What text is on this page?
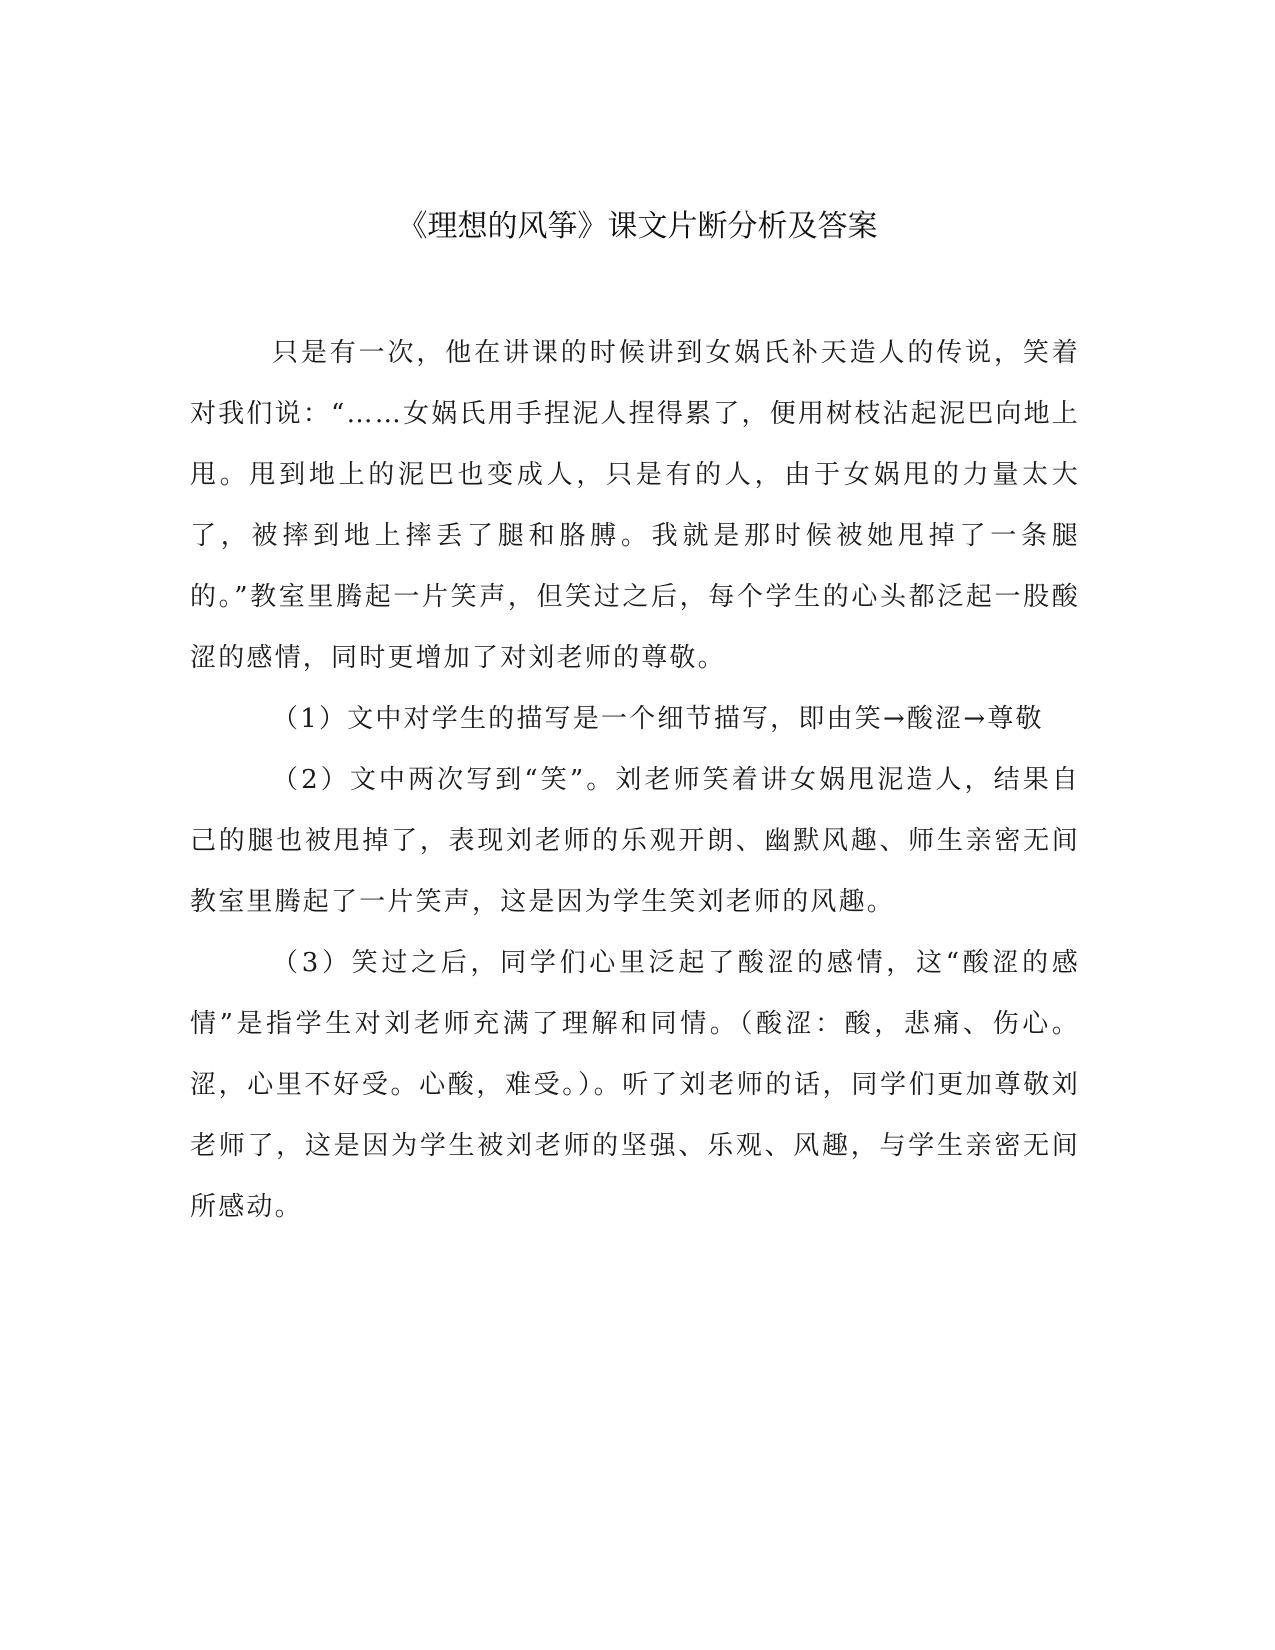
《理想的风筝》课文片断分析及答案

只是有一次，他在讲课的时候讲到女娲氏补天造人的传说，笑着对我们说：“……女娲氏用手捏泥人捏得累了，便用树枝沾起泥巴向地上甩。甩到地上的泥巴也变成人，只是有的人，由于女娲甩的力量太大了，被摔到地上摔丢了腿和胳膊。我就是那时候被她甩掉了一条腿的。”教室里腾起一片笑声，但笑过之后，每个学生的心头都泛起一股酸涩的感情，同时更增加了对刘老师的尊敬。

（1）文中对学生的描写是一个细节描写，即由笑→酸涩→尊敬

（2）文中两次写到“笑”。刘老师笑着讲女娲甩泥造人，结果自己的腿也被甩掉了，表现刘老师的乐观开朗、幽默风趣、师生亲密无间教室里腾起了一片笑声，这是因为学生笑刘老师的风趣。

（3）笑过之后，同学们心里泛起了酸涩的感情，这“酸涩的感情”是指学生对刘老师充满了理解和同情。（酸涩：酸，悲痛、伤心。涩，心里不好受。心酸，难受。）。听了刘老师的话，同学们更加尊敬刘老师了，这是因为学生被刘老师的坚强、乐观、风趣，与学生亲密无间所感动。
